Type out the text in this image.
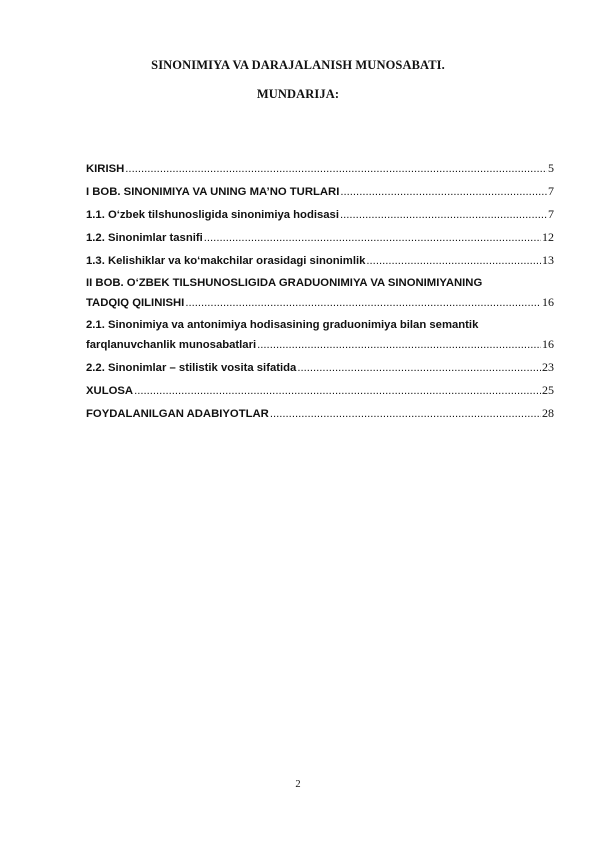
SINONIMIYA VA DARAJALANISH MUNOSABATI.
MUNDARIJA:
KIRISH .....	5
I BOB. SINONIMIYA VA UNING MA’NO TURLARI .....	7
1.1. O‘zbek tilshunosligida sinonimiya hodisasi .....	7
1.2. Sinonimlar tasnifi .....	12
1.3. Kelishiklar va ko‘makchilar orasidagi sinonimlik .....	13
II BOB. O‘ZBEK TILSHUNOSLIGIDA GRADUONIMIYA VA SINONIMIYANING
TADQIQ QILINISHI .....	16
2.1. Sinonimiya va antonimiya hodisasining graduonimiya bilan semantik
farqlanuvchanlik munosabatlari .....	16
2.2. Sinonimlar – stilistik vosita sifatida .....	23
XULOSA .....	25
FOYDALANILGAN ADABIYOTLAR .....	28
2
